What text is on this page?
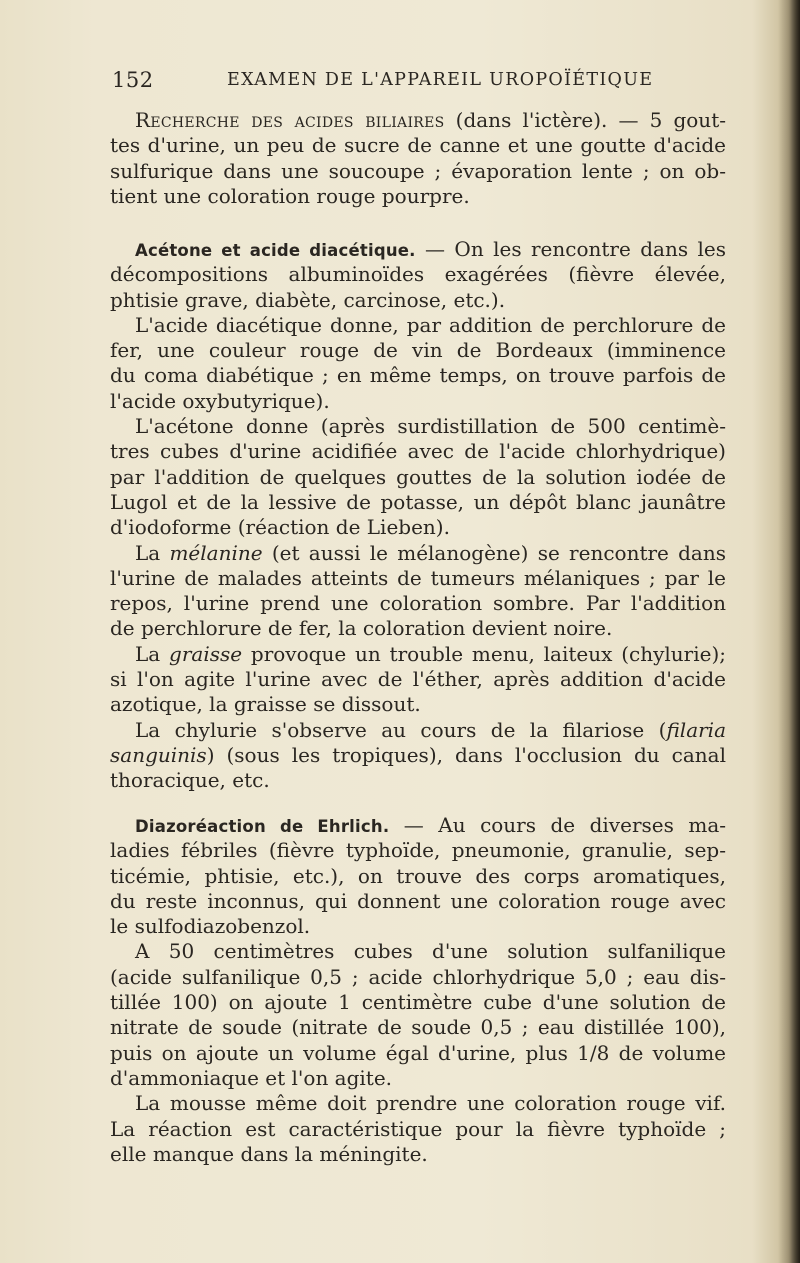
152	EXAMEN DE L'APPAREIL UROPOÏÉTIQUE
Recherche des acides biliaires (dans l'ictère). — 5 gout-
tes d'urine, un peu de sucre de canne et une goutte d'acide
sulfurique dans une soucoupe ; évaporation lente ; on ob-
tient une coloration rouge pourpre.
Acétone et acide diacétique. — On les rencontre dans les
décompositions albuminoïdes exagérées (fièvre élevée,
phtisie grave, diabète, carcinose, etc.).
L'acide diacétique donne, par addition de perchlorure de
fer, une couleur rouge de vin de Bordeaux (imminence
du coma diabétique ; en même temps, on trouve parfois de
l'acide oxybutyrique).
L'acétone donne (après surdistillation de 500 centimè-
tres cubes d'urine acidifiée avec de l'acide chlorhydrique)
par l'addition de quelques gouttes de la solution iodée de
Lugol et de la lessive de potasse, un dépôt blanc jaunâtre
d'iodoforme (réaction de Lieben).
La mélanine (et aussi le mélanogène) se rencontre dans
l'urine de malades atteints de tumeurs mélaniques ; par le
repos, l'urine prend une coloration sombre. Par l'addition
de perchlorure de fer, la coloration devient noire.
La graisse provoque un trouble menu, laiteux (chylurie);
si l'on agite l'urine avec de l'éther, après addition d'acide
azotique, la graisse se dissout.
La chylurie s'observe au cours de la filariose (filaria
sanguinis) (sous les tropiques), dans l'occlusion du canal
thoracique, etc.
Diazoréaction de Ehrlich. — Au cours de diverses ma-
ladies fébriles (fièvre typhoïde, pneumonie, granulie, sep-
ticémie, phtisie, etc.), on trouve des corps aromatiques,
du reste inconnus, qui donnent une coloration rouge avec
le sulfodiazobenzol.
A 50 centimètres cubes d'une solution sulfanilique
(acide sulfanilique 0,5 ; acide chlorhydrique 5,0 ; eau dis-
tillée 100) on ajoute 1 centimètre cube d'une solution de
nitrate de soude (nitrate de soude 0,5 ; eau distillée 100),
puis on ajoute un volume égal d'urine, plus 1/8 de volume
d'ammoniaque et l'on agite.
La mousse même doit prendre une coloration rouge vif.
La réaction est caractéristique pour la fièvre typhoïde ;
elle manque dans la méningite.
